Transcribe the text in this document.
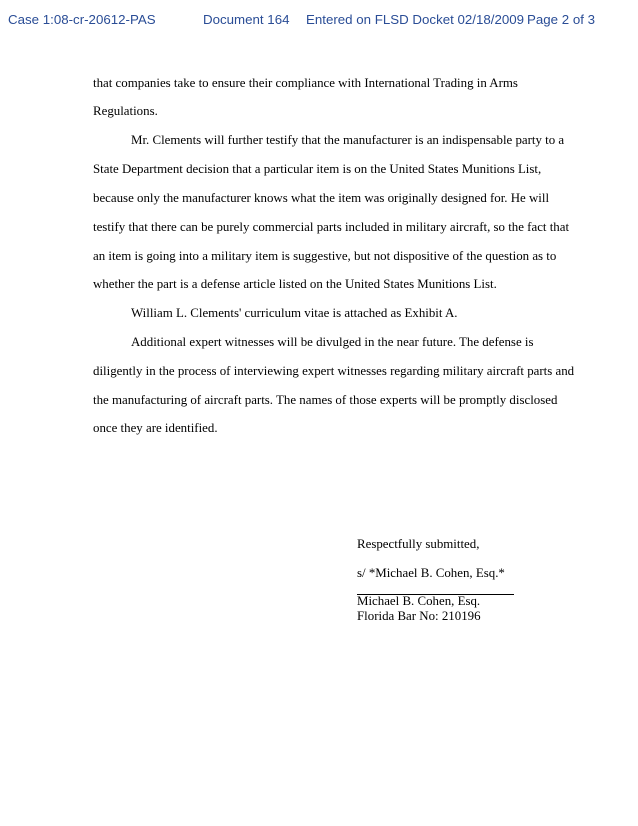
Case 1:08-cr-20612-PAS	Document 164 Entered on FLSD Docket 02/18/2009 Page 2 of 3
that companies take to ensure their compliance with International Trading in Arms
Regulations.
Mr. Clements will further testify that the manufacturer is an indispensable party to a
State Department decision that a particular item is on the United States Munitions List,
because only the manufacturer knows what the item was originally designed for. He will
testify that there can be purely commercial parts included in military aircraft, so the fact that
an item is going into a military item is suggestive, but not dispositive of the question as to
whether the part is a defense article listed on the United States Munitions List.
William L. Clements' curriculum vitae is attached as Exhibit A.
Additional expert witnesses will be divulged in the near future. The defense is
diligently in the process of interviewing expert witnesses regarding military aircraft parts and
the manufacturing of aircraft parts. The names of those experts will be promptly disclosed
once they are identified.
Respectfully submitted,
s/ *Michael B. Cohen, Esq.*
Michael B. Cohen, Esq.
Florida Bar No: 210196
